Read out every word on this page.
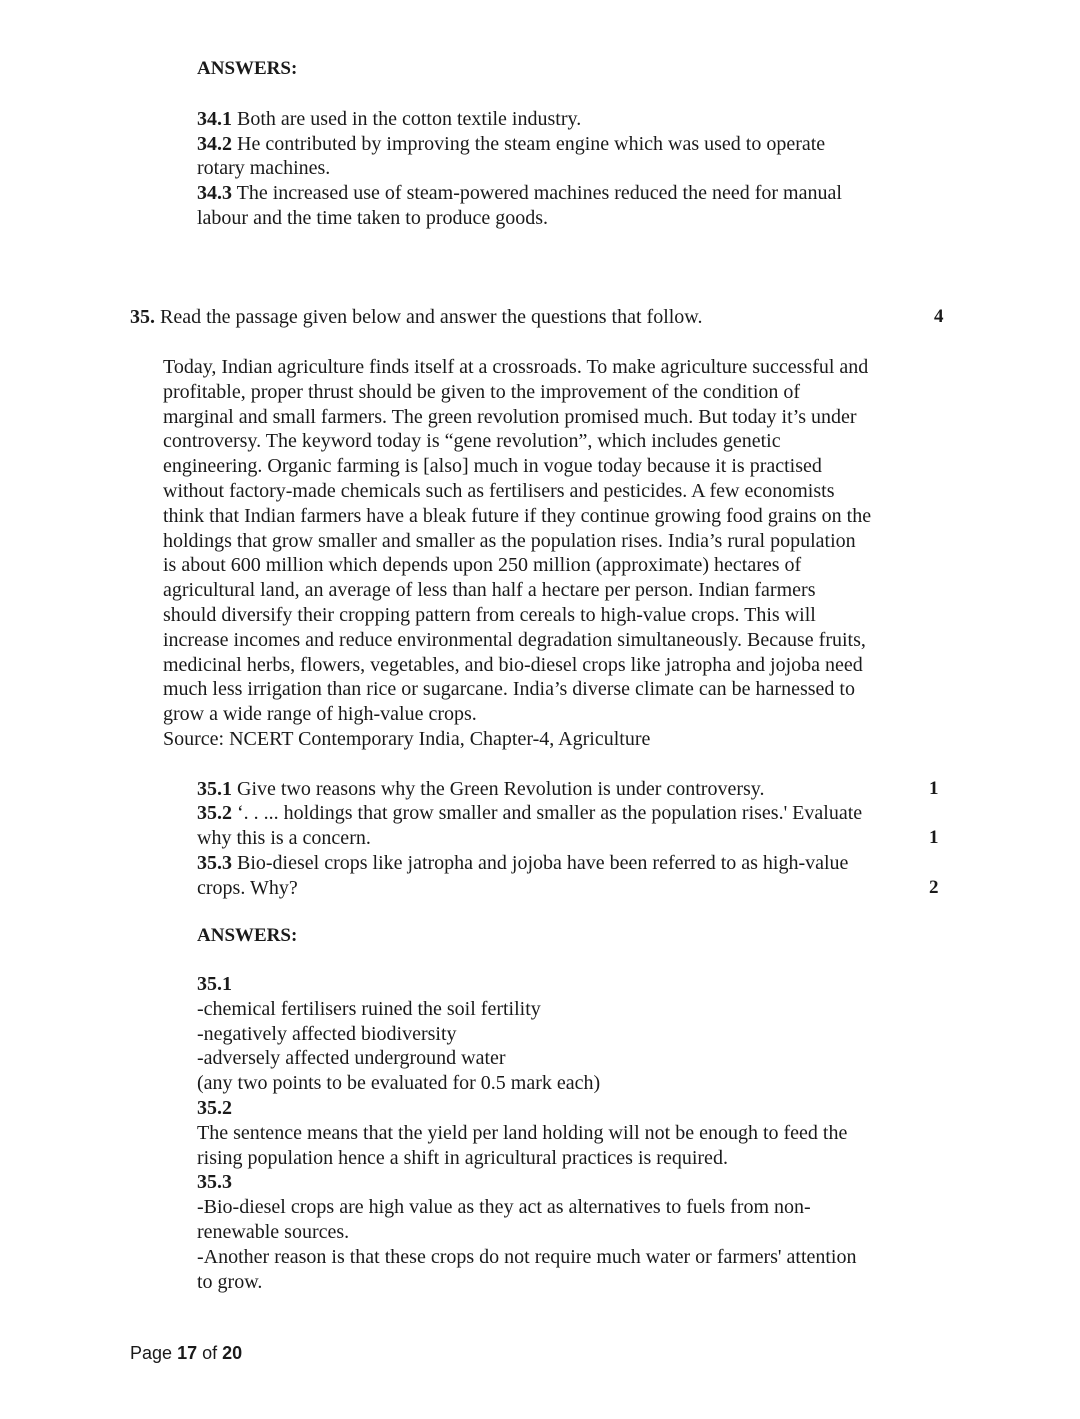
ANSWERS:
34.1 Both are used in the cotton textile industry.
34.2 He contributed by improving the steam engine which was used to operate
rotary machines.
34.3 The increased use of steam-powered machines reduced the need for manual
labour and the time taken to produce goods.
35. Read the passage given below and answer the questions that follow.	4
Today, Indian agriculture finds itself at a crossroads. To make agriculture successful and
profitable, proper thrust should be given to the improvement of the condition of
marginal and small farmers. The green revolution promised much. But today it’s under
controversy. The keyword today is “gene revolution”, which includes genetic
engineering. Organic farming is [also] much in vogue today because it is practised
without factory-made chemicals such as fertilisers and pesticides. A few economists
think that Indian farmers have a bleak future if they continue growing food grains on the
holdings that grow smaller and smaller as the population rises. India’s rural population
is about 600 million which depends upon 250 million (approximate) hectares of
agricultural land, an average of less than half a hectare per person. Indian farmers
should diversify their cropping pattern from cereals to high-value crops. This will
increase incomes and reduce environmental degradation simultaneously. Because fruits,
medicinal herbs, flowers, vegetables, and bio-diesel crops like jatropha and jojoba need
much less irrigation than rice or sugarcane. India’s diverse climate can be harnessed to
grow a wide range of high-value crops.
Source: NCERT Contemporary India, Chapter-4, Agriculture
35.1 Give two reasons why the Green Revolution is under controversy.	1
35.2 ‘. . ... holdings that grow smaller and smaller as the population rises.' Evaluate
why this is a concern.	1
35.3 Bio-diesel crops like jatropha and jojoba have been referred to as high-value
crops. Why?	2
ANSWERS:
35.1
-chemical fertilisers ruined the soil fertility
-negatively affected biodiversity
-adversely affected underground water
(any two points to be evaluated for 0.5 mark each)
35.2
The sentence means that the yield per land holding will not be enough to feed the
rising population hence a shift in agricultural practices is required.
35.3
-Bio-diesel crops are high value as they act as alternatives to fuels from non-
renewable sources.
-Another reason is that these crops do not require much water or farmers' attention
to grow.
Page 17 of 20
